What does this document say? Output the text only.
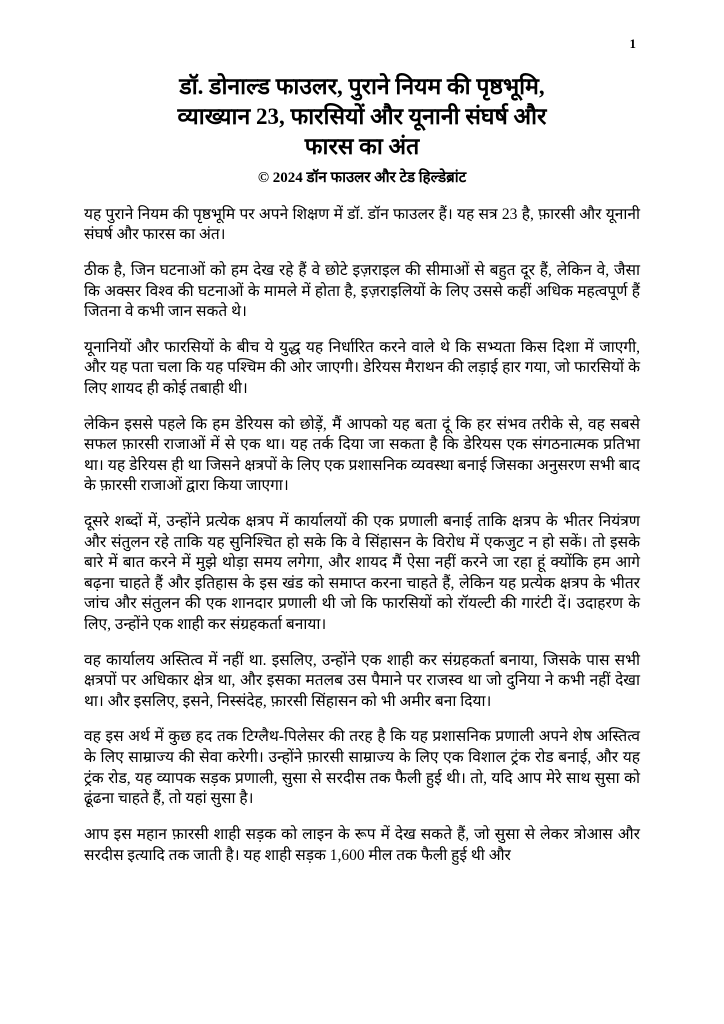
1
डॉ. डोनाल्ड फाउलर, पुराने नियम की पृष्ठभूमि,
व्याख्यान 23, फारसियों और यूनानी संघर्ष और
फारस का अंत
© 2024 डॉन फाउलर और टेड हिल्डेब्रांट

यह पुराने नियम की पृष्ठभूमि पर अपने शिक्षण में डॉ. डॉन फाउलर हैं। यह सत्र 23 है, फ़ारसी और यूनानी संघर्ष और फारस का अंत।

ठीक है, जिन घटनाओं को हम देख रहे हैं वे छोटे इज़राइल की सीमाओं से बहुत दूर हैं, लेकिन वे, जैसा कि अक्सर विश्व की घटनाओं के मामले में होता है, इज़राइलियों के लिए उससे कहीं अधिक महत्वपूर्ण हैं जितना वे कभी जान सकते थे।

यूनानियों और फारसियों के बीच ये युद्ध यह निर्धारित करने वाले थे कि सभ्यता किस दिशा में जाएगी, और यह पता चला कि यह पश्चिम की ओर जाएगी। डेरियस मैराथन की लड़ाई हार गया, जो फारसियों के लिए शायद ही कोई तबाही थी।

लेकिन इससे पहले कि हम डेरियस को छोड़ें, मैं आपको यह बता दूं कि हर संभव तरीके से, वह सबसे सफल फ़ारसी राजाओं में से एक था। यह तर्क दिया जा सकता है कि डेरियस एक संगठनात्मक प्रतिभा था। यह डेरियस ही था जिसने क्षत्रपों के लिए एक प्रशासनिक व्यवस्था बनाई जिसका अनुसरण सभी बाद के फ़ारसी राजाओं द्वारा किया जाएगा।

दूसरे शब्दों में, उन्होंने प्रत्येक क्षत्रप में कार्यालयों की एक प्रणाली बनाई ताकि क्षत्रप के भीतर नियंत्रण और संतुलन रहे ताकि यह सुनिश्चित हो सके कि वे सिंहासन के विरोध में एकजुट न हो सकें। तो इसके बारे में बात करने में मुझे थोड़ा समय लगेगा, और शायद मैं ऐसा नहीं करने जा रहा हूं क्योंकि हम आगे बढ़ना चाहते हैं और इतिहास के इस खंड को समाप्त करना चाहते हैं, लेकिन यह प्रत्येक क्षत्रप के भीतर जांच और संतुलन की एक शानदार प्रणाली थी जो कि फारसियों को रॉयल्टी की गारंटी दें। उदाहरण के लिए, उन्होंने एक शाही कर संग्रहकर्ता बनाया।

वह कार्यालय अस्तित्व में नहीं था. इसलिए, उन्होंने एक शाही कर संग्रहकर्ता बनाया, जिसके पास सभी क्षत्रपों पर अधिकार क्षेत्र था, और इसका मतलब उस पैमाने पर राजस्व था जो दुनिया ने कभी नहीं देखा था। और इसलिए, इसने, निस्संदेह, फ़ारसी सिंहासन को भी अमीर बना दिया।

वह इस अर्थ में कुछ हद तक टिग्लैथ-पिलेसर की तरह है कि यह प्रशासनिक प्रणाली अपने शेष अस्तित्व के लिए साम्राज्य की सेवा करेगी। उन्होंने फ़ारसी साम्राज्य के लिए एक विशाल ट्रंक रोड बनाई, और यह ट्रंक रोड, यह व्यापक सड़क प्रणाली, सुसा से सरदीस तक फैली हुई थी। तो, यदि आप मेरे साथ सुसा को ढूंढना चाहते हैं, तो यहां सुसा है।

आप इस महान फ़ारसी शाही सड़क को लाइन के रूप में देख सकते हैं, जो सुसा से लेकर त्रोआस और सरदीस इत्यादि तक जाती है। यह शाही सड़क 1,600 मील तक फैली हुई थी और
